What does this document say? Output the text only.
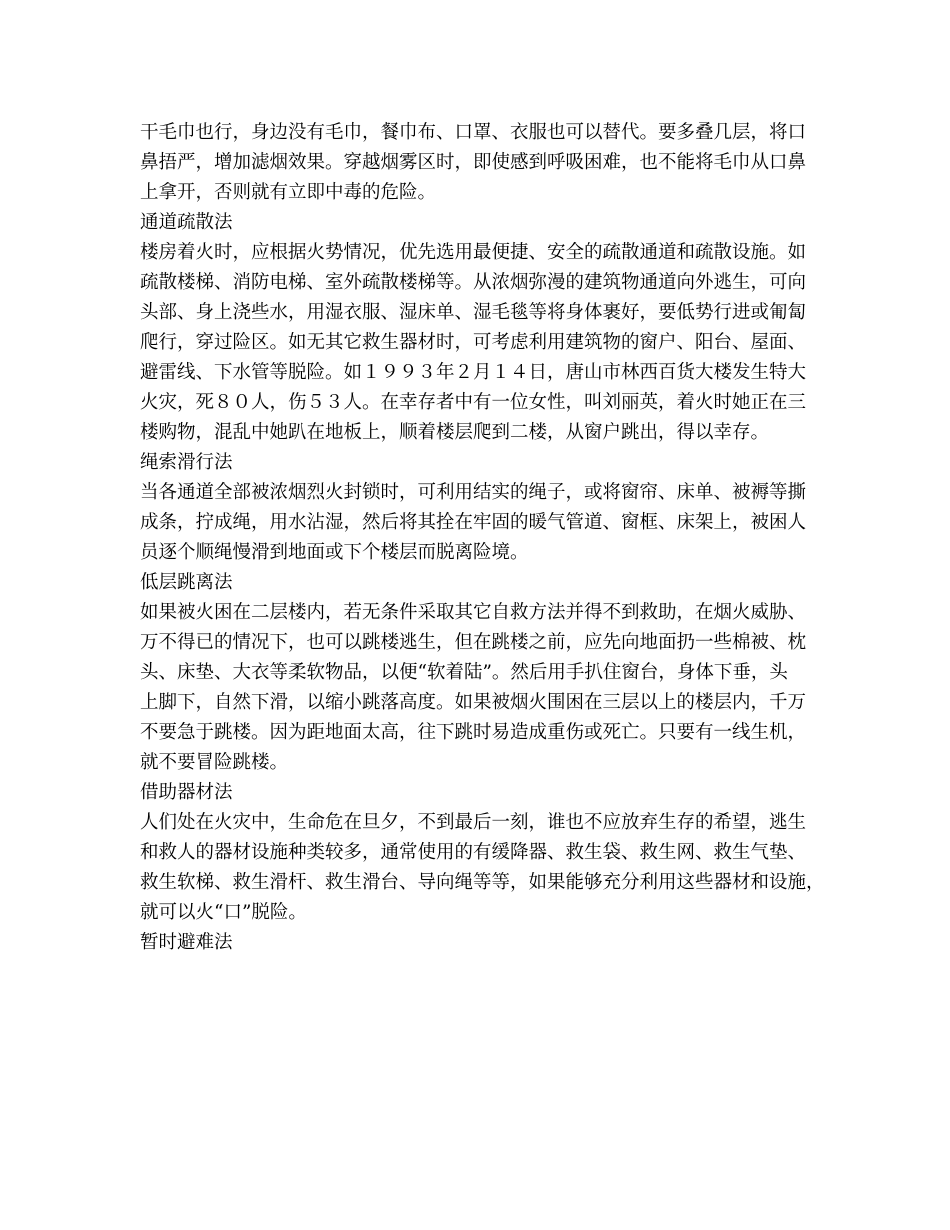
干毛巾也行，身边没有毛巾，餐巾布、口罩、衣服也可以替代。要多叠几层，将口
鼻捂严，增加滤烟效果。穿越烟雾区时，即使感到呼吸困难，也不能将毛巾从口鼻
上拿开，否则就有立即中毒的危险。
通道疏散法
楼房着火时，应根据火势情况，优先选用最便捷、安全的疏散通道和疏散设施。如
疏散楼梯、消防电梯、室外疏散楼梯等。从浓烟弥漫的建筑物通道向外逃生，可向
头部、身上浇些水，用湿衣服、湿床单、湿毛毯等将身体裹好，要低势行进或匍匐
爬行，穿过险区。如无其它救生器材时，可考虑利用建筑物的窗户、阳台、屋面、
避雷线、下水管等脱险。如１９９３年２月１４日，唐山市林西百货大楼发生特大
火灾，死８０人，伤５３人。在幸存者中有一位女性，叫刘丽英，着火时她正在三
楼购物，混乱中她趴在地板上，顺着楼层爬到二楼，从窗户跳出，得以幸存。
绳索滑行法
当各通道全部被浓烟烈火封锁时，可利用结实的绳子，或将窗帘、床单、被褥等撕
成条，拧成绳，用水沾湿，然后将其拴在牢固的暖气管道、窗框、床架上，被困人
员逐个顺绳慢滑到地面或下个楼层而脱离险境。
低层跳离法
如果被火困在二层楼内，若无条件采取其它自救方法并得不到救助，在烟火威胁、
万不得已的情况下，也可以跳楼逃生，但在跳楼之前，应先向地面扔一些棉被、枕
头、床垫、大衣等柔软物品，以便“软着陆”。然后用手扒住窗台，身体下垂，头
上脚下，自然下滑，以缩小跳落高度。如果被烟火围困在三层以上的楼层内，千万
不要急于跳楼。因为距地面太高，往下跳时易造成重伤或死亡。只要有一线生机，
就不要冒险跳楼。
借助器材法
人们处在火灾中，生命危在旦夕，不到最后一刻，谁也不应放弃生存的希望，逃生
和救人的器材设施种类较多，通常使用的有缓降器、救生袋、救生网、救生气垫、
救生软梯、救生滑杆、救生滑台、导向绳等等，如果能够充分利用这些器材和设施，
就可以火“口”脱险。
暂时避难法
